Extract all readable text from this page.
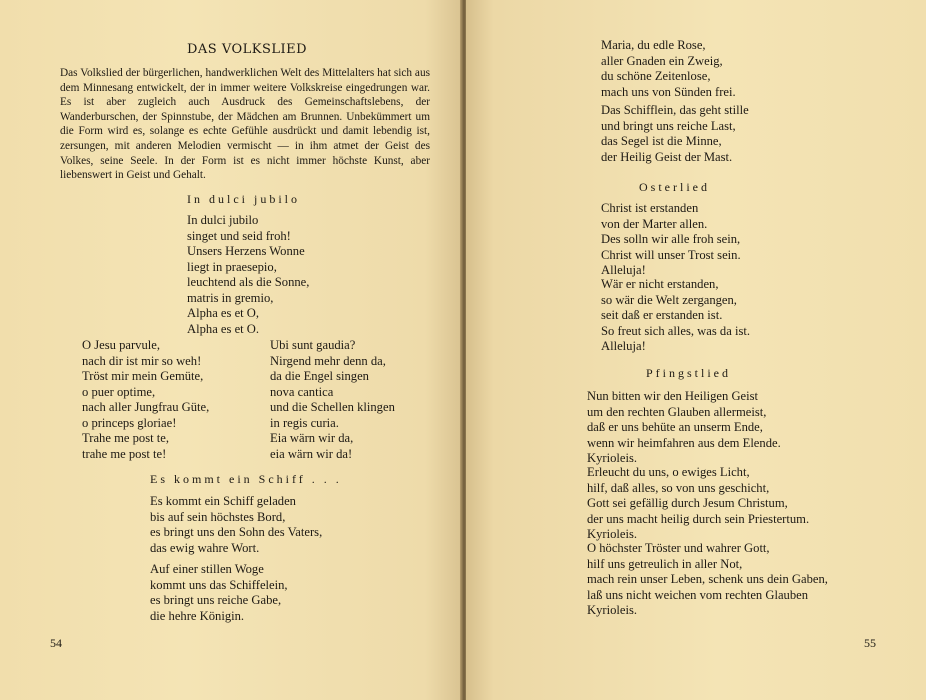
DAS VOLKSLIED
Das Volkslied der bürgerlichen, handwerklichen Welt des Mittelalters hat sich aus dem Minnesang entwickelt, der in immer weitere Volkskreise eingedrungen war. Es ist aber zugleich auch Ausdruck des Gemeinschaftslebens, der Wanderburschen, der Spinnstube, der Mädchen am Brunnen. Unbekümmert um die Form wird es, solange es echte Gefühle ausdrückt und damit lebendig ist, zersungen, mit anderen Melodien vermischt — in ihm atmet der Geist des Volkes, seine Seele. In der Form ist es nicht immer höchste Kunst, aber liebenswert in Geist und Gehalt.
In dulci jubilo
In dulci jubilo
singet und seid froh!
Unsers Herzens Wonne
liegt in praesepio,
leuchtend als die Sonne,
matris in gremio,
Alpha es et O,
Alpha es et O.
O Jesu parvule,
nach dir ist mir so weh!
Tröst mir mein Gemüte,
o puer optime,
nach aller Jungfrau Güte,
o princeps gloriae!
Trahe me post te,
trahe me post te!
Ubi sunt gaudia?
Nirgend mehr denn da,
da die Engel singen
nova cantica
und die Schellen klingen
in regis curia.
Eia wärn wir da,
eia wärn wir da!
Es kommt ein Schiff . . .
Es kommt ein Schiff geladen
bis auf sein höchstes Bord,
es bringt uns den Sohn des Vaters,
das ewig wahre Wort.
Auf einer stillen Woge
kommt uns das Schiffelein,
es bringt uns reiche Gabe,
die hehre Königin.
54
Maria, du edle Rose,
aller Gnaden ein Zweig,
du schöne Zeitenlose,
mach uns von Sünden frei.
Das Schifflein, das geht stille
und bringt uns reiche Last,
das Segel ist die Minne,
der Heilig Geist der Mast.
Osterlied
Christ ist erstanden
von der Marter allen.
Des solln wir alle froh sein,
Christ will unser Trost sein.
Alleluja!
Wär er nicht erstanden,
so wär die Welt zergangen,
seit daß er erstanden ist.
So freut sich alles, was da ist.
Alleluja!
Pfingstlied
Nun bitten wir den Heiligen Geist
um den rechten Glauben allermeist,
daß er uns behüte an unserm Ende,
wenn wir heimfahren aus dem Elende.
Kyrioleis.
Erleucht du uns, o ewiges Licht,
hilf, daß alles, so von uns geschicht,
Gott sei gefällig durch Jesum Christum,
der uns macht heilig durch sein Priestertum.
Kyrioleis.
O höchster Tröster und wahrer Gott,
hilf uns getreulich in aller Not,
mach rein unser Leben, schenk uns dein Gaben,
laß uns nicht weichen vom rechten Glauben
Kyrioleis.
55
